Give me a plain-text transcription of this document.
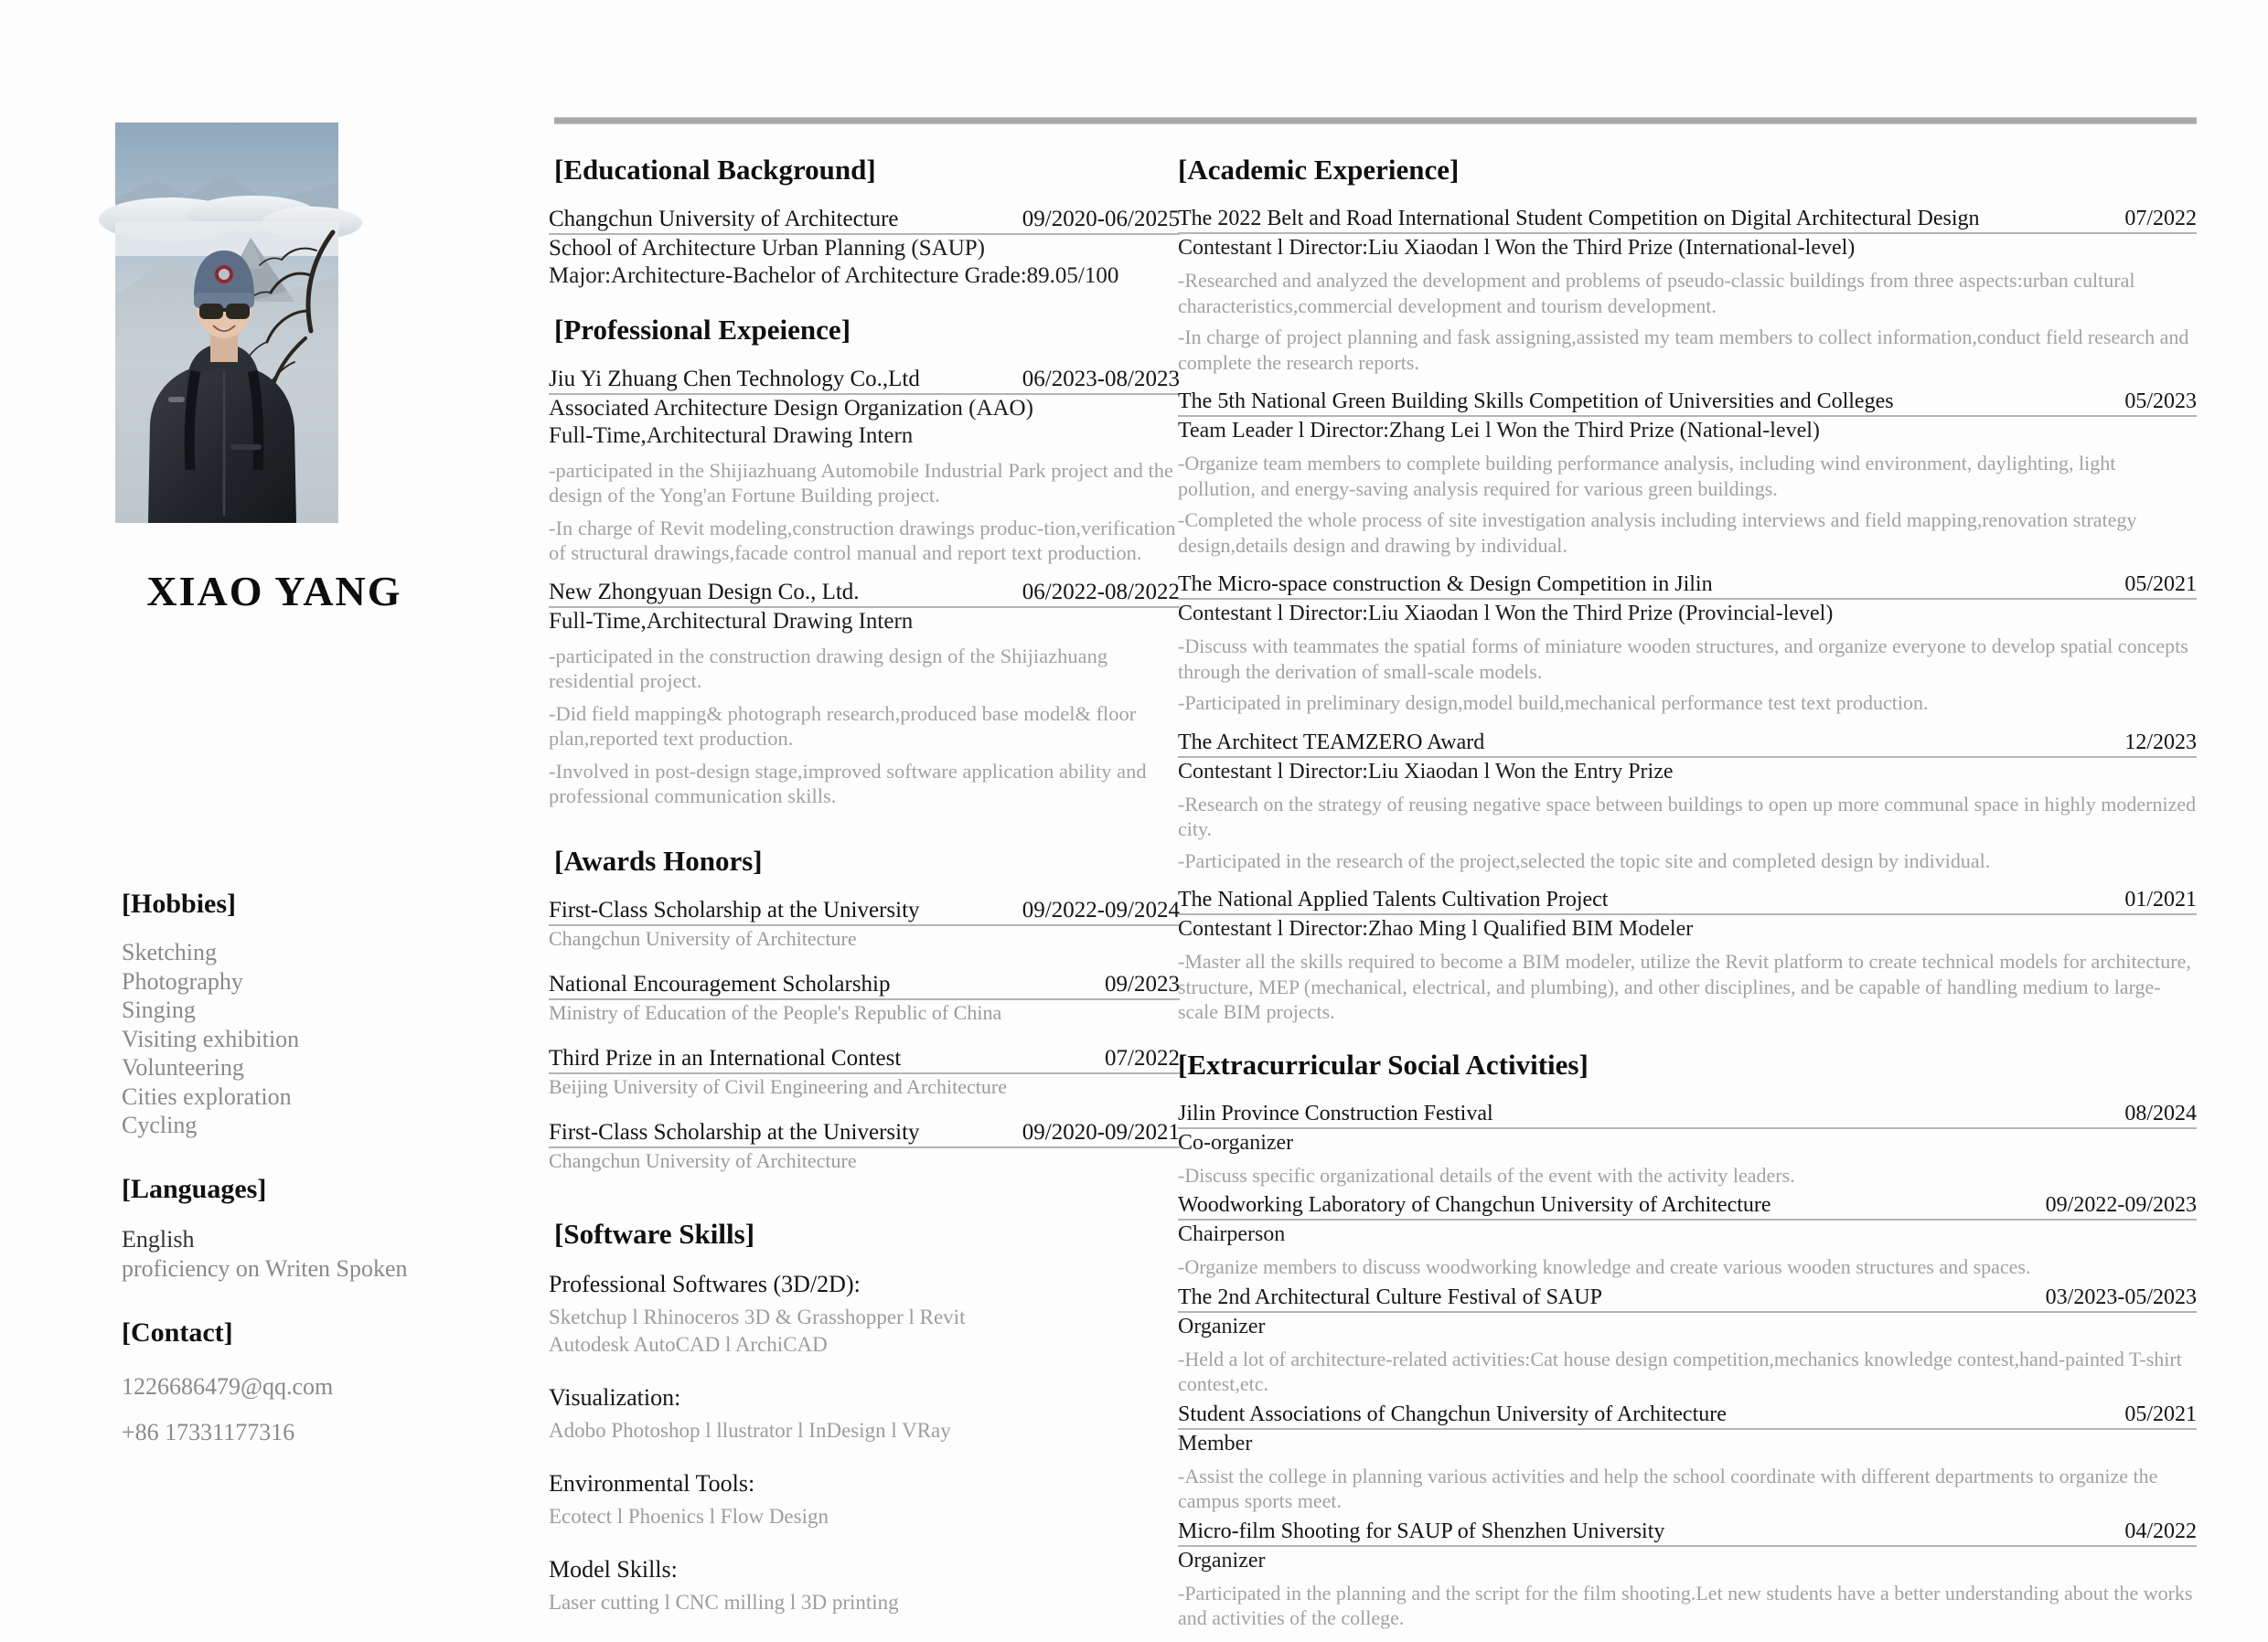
XIAO YANG
[Hobbies]
Sketching
Photography
Singing
Visiting exhibition
Volunteering
Cities exploration
Cycling
[Languages]
English
proficiency on Writen Spoken
[Contact]
1226686479@qq.com
+86 17331177316
[Educational Background]
Changchun University of Architecture	09/2020-06/2025
School of Architecture Urban Planning (SAUP)
Major:Architecture-Bachelor of Architecture Grade:89.05/100
[Professional Expeience]
Jiu Yi Zhuang Chen Technology Co.,Ltd	06/2023-08/2023
Associated Architecture Design Organization (AAO)
Full-Time,Architectural Drawing Intern
-participated in the Shijiazhuang Automobile Industrial Park project and the design of the Yong'an Fortune Building project.
-In charge of Revit modeling,construction drawings produc-tion,verification of structural drawings,facade control manual and report text production.
New Zhongyuan Design Co., Ltd.	06/2022-08/2022
Full-Time,Architectural Drawing Intern
-participated in the construction drawing design of the Shijiazhuang residential project.
-Did field mapping& photograph research,produced base model& floor plan,reported text production.
-Involved in post-design stage,improved software application ability and professional communication skills.
[Awards Honors]
First-Class Scholarship at the University	09/2022-09/2024
Changchun University of Architecture
National Encouragement Scholarship	09/2023
Ministry of Education of the People's Republic of China
Third Prize in an International Contest	07/2022
Beijing University of Civil Engineering and Architecture
First-Class Scholarship at the University	09/2020-09/2021
Changchun University of Architecture
[Software Skills]
Professional Softwares (3D/2D):
Sketchup l Rhinoceros 3D & Grasshopper l Revit
Autodesk AutoCAD l ArchiCAD
Visualization:
Adobo Photoshop l llustrator l InDesign l VRay
Environmental Tools:
Ecotect l Phoenics l Flow Design
Model Skills:
Laser cutting l CNC milling l 3D printing
[Academic Experience]
The 2022 Belt and Road International Student Competition on Digital Architectural Design	07/2022
Contestant l Director:Liu Xiaodan l Won the Third Prize (International-level)
-Researched and analyzed the development and problems of pseudo-classic buildings from three aspects:urban cultural characteristics,commercial development and tourism development.
-In charge of project planning and fask assigning,assisted my team members to collect information,conduct field research and complete the research reports.
The 5th National Green Building Skills Competition of Universities and Colleges	05/2023
Team Leader l Director:Zhang Lei l Won the Third Prize (National-level)
-Organize team members to complete building performance analysis, including wind environment, daylighting, light pollution, and energy-saving analysis required for various green buildings.
-Completed the whole process of site investigation analysis including interviews and field mapping,renovation strategy design,details design and drawing by individual.
The Micro-space construction & Design Competition in Jilin	05/2021
Contestant l Director:Liu Xiaodan l Won the Third Prize (Provincial-level)
-Discuss with teammates the spatial forms of miniature wooden structures, and organize everyone to develop spatial concepts through the derivation of small-scale models.
-Participated in preliminary design,model build,mechanical performance test text production.
The Architect TEAMZERO Award	12/2023
Contestant l Director:Liu Xiaodan l Won the Entry Prize
-Research on the strategy of reusing negative space between buildings to open up more communal space in highly modernized city.
-Participated in the research of the project,selected the topic site and completed design by individual.
The National Applied Talents Cultivation Project	01/2021
Contestant l Director:Zhao Ming l Qualified BIM Modeler
-Master all the skills required to become a BIM modeler, utilize the Revit platform to create technical models for architecture, structure, MEP (mechanical, electrical, and plumbing), and other disciplines, and be capable of handling medium to large-scale BIM projects.
[Extracurricular Social Activities]
Jilin Province Construction Festival	08/2024
Co-organizer
-Discuss specific organizational details of the event with the activity leaders.
Woodworking Laboratory of Changchun University of Architecture	09/2022-09/2023
Chairperson
-Organize members to discuss woodworking knowledge and create various wooden structures and spaces.
The 2nd Architectural Culture Festival of SAUP	03/2023-05/2023
Organizer
-Held a lot of architecture-related activities:Cat house design competition,mechanics knowledge contest,hand-painted T-shirt contest,etc.
Student Associations of Changchun University of Architecture	05/2021
Member
-Assist the college in planning various activities and help the school coordinate with different departments to organize the campus sports meet.
Micro-film Shooting for SAUP of Shenzhen University	04/2022
Organizer
-Participated in the planning and the script for the film shooting.Let new students have a better understanding about the works and activities of the college.
